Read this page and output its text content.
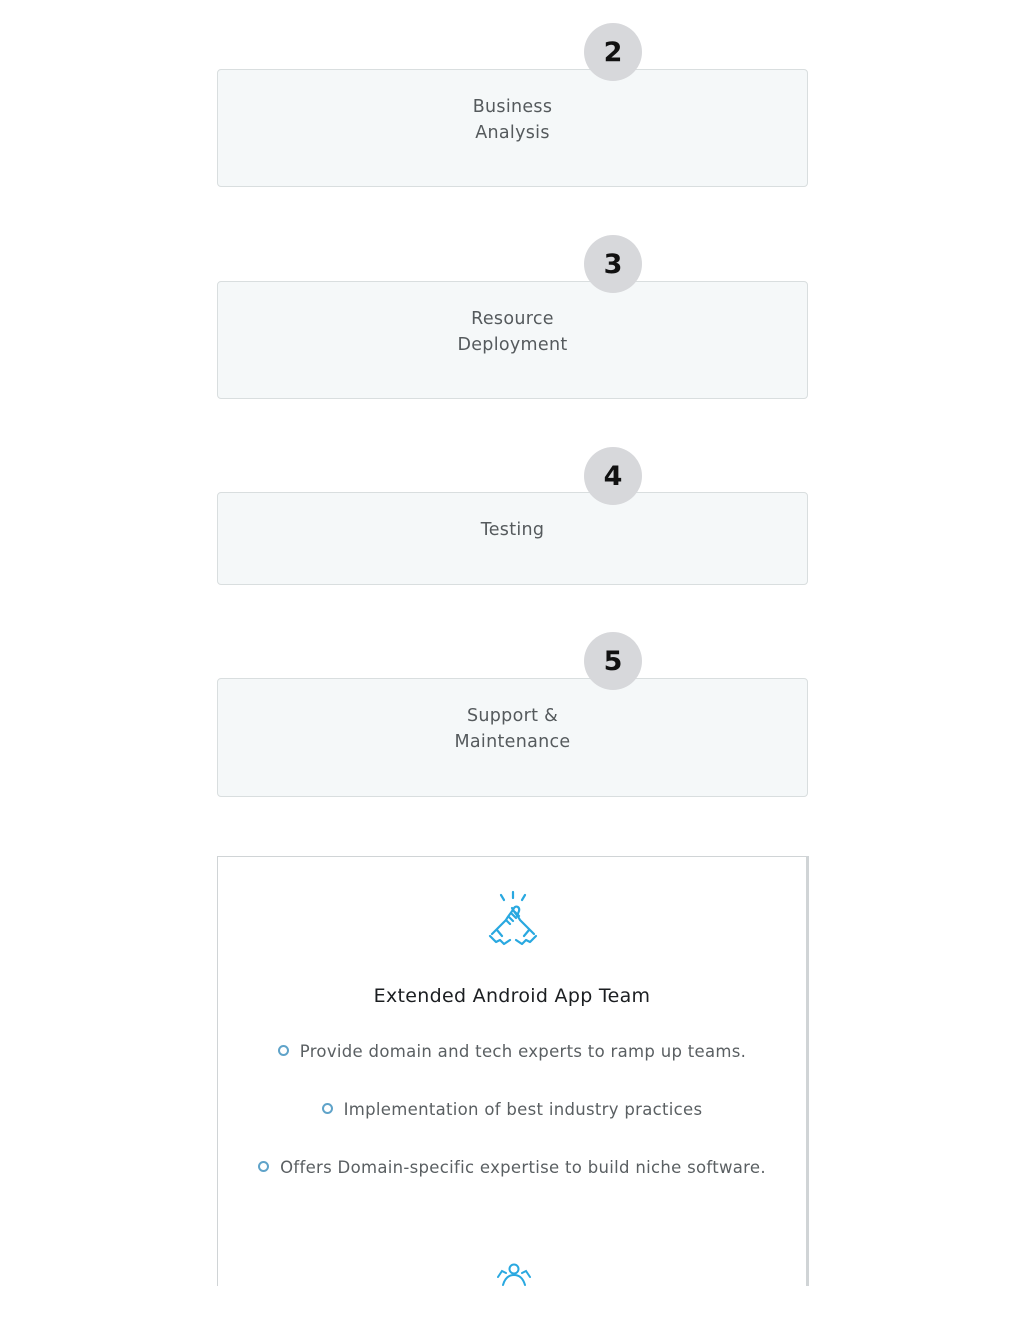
Business Analysis
2
Resource Deployment
3
Testing
4
Support & Maintenance
5
Extended Android App Team
Provide domain and tech experts to ramp up teams.
Implementation of best industry practices
Offers Domain-specific expertise to build niche software.
